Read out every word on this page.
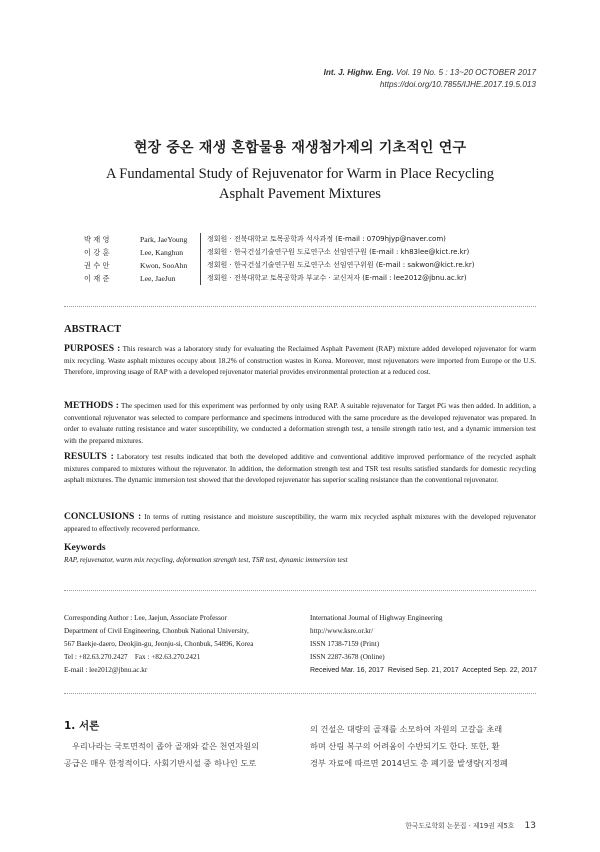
Int. J. Highw. Eng. Vol. 19 No. 5 : 13~20 OCTOBER 2017
https://doi.org/10.7855/IJHE.2017.19.5.013
현장 중온 재생 혼합물용 재생첨가제의 기초적인 연구
A Fundamental Study of Rejuvenator for Warm in Place Recycling
Asphalt Pavement Mixtures
박 재 영	Park, JaeYoung	정회원 · 전북대학교 토목공학과 석사과정 (E-mail : 0709hjyp@naver.com)
이 강 훈	Lee, Kanghun	정회원 · 한국건설기술연구원 도로연구소 선임연구원 (E-mail : kh83lee@kict.re.kr)
권 수 안	Kwon, SooAhn	정회원 · 한국건설기술연구원 도로연구소 선임연구위원 (E-mail : sakwon@kict.re.kr)
이 재 준	Lee, JaeJun	정회원 · 전북대학교 토목공학과 부교수 · 교신저자 (E-mail : lee2012@jbnu.ac.kr)
ABSTRACT
PURPOSES : This research was a laboratory study for evaluating the Reclaimed Asphalt Pavement (RAP) mixture added developed rejuvenator for warm mix recycling. Waste asphalt mixtures occupy about 18.2% of construction wastes in Korea. Moreover, most rejuvenators were imported from Europe or the U.S. Therefore, improving usage of RAP with a developed rejuvenator material provides environmental protection at a reduced cost.
METHODS : The specimen used for this experiment was performed by only using RAP. A suitable rejuvenator for Target PG was then added. In addition, a conventional rejuvenator was selected to compare performance and specimens introduced with the same procedure as the developed rejuvenator was prepared. In order to evaluate rutting resistance and water susceptibility, we conducted a deformation strength test, a tensile strength ratio test, and a dynamic immersion test with the prepared mixtures.
RESULTS : Laboratory test results indicated that both the developed additive and conventional additive improved performance of the recycled asphalt mixtures compared to mixtures without the rejuvenator. In addition, the deformation strength test and TSR test results satisfied standards for domestic recycling asphalt mixtures. The dynamic immersion test showed that the developed rejuvenator has superior scaling resistance than the conventional rejuvenator.
CONCLUSIONS : In terms of rutting resistance and moisture susceptibility, the warm mix recycled asphalt mixtures with the developed rejuvenator appeared to effectively recovered performance.
Keywords
RAP, rejuvenator, warm mix recycling, deformation strength test, TSR test, dynamic immersion test
Corresponding Author : Lee, Jaejun, Associate Professor
Department of Civil Engineering, Chonbuk National University,
567 Baekje-daero, Deokjin-gu, Jeonju-si, Chonbuk, 54896, Korea
Tel : +82.63.270.2427    Fax : +82.63.270.2421
E-mail : lee2012@jbnu.ac.kr
International Journal of Highway Engineering
http://www.ksre.or.kr/
ISSN 1738-7159 (Print)
ISSN 2287-3678 (Online)
Received Mar. 16, 2017 Revised Sep. 21, 2017 Accepted Sep. 22, 2017
1. 서론
우리나라는 국토면적이 좁아 골재와 같은 천연자원의
공급은 매우 한정적이다. 사회기반시설 중 하나인 도로
의 건설은 대량의 골재를 소모하여 자원의 고갈을 초래
하며 산림 복구의 어려움이 수반되기도 한다. 또한, 환
경부 자료에 따르면 2014년도 총 폐기물 발생량(지정폐
한국도로학회 논문집 · 제19권 제5호 13
